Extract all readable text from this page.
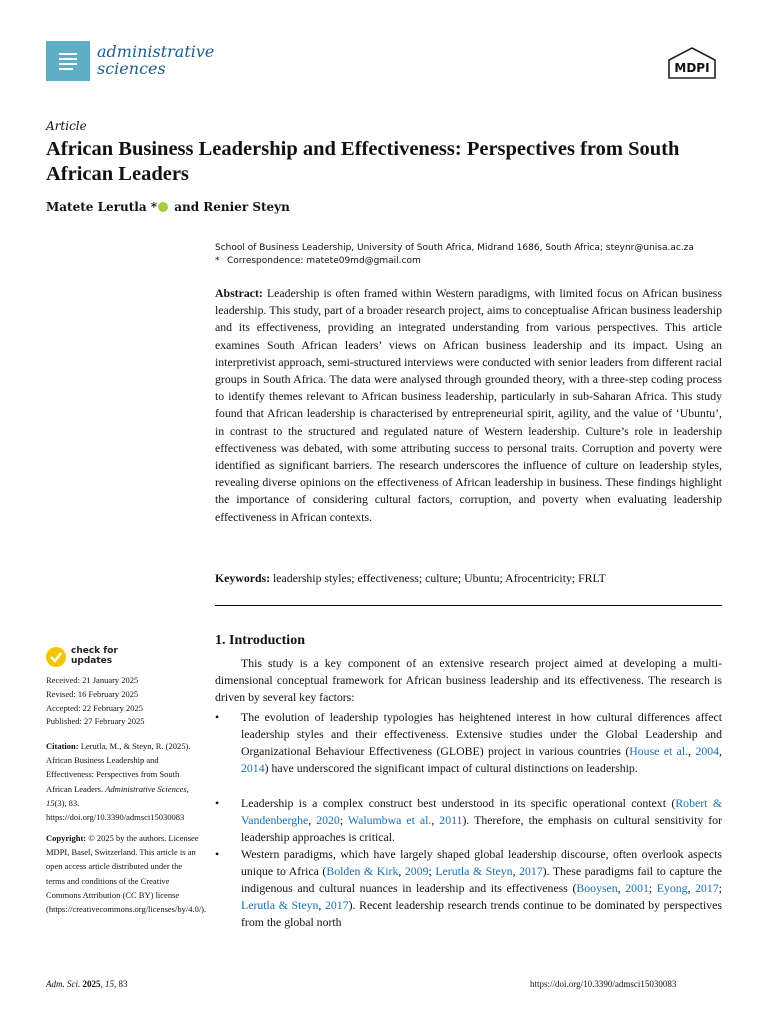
administrative
sciences	MDPI
Article
African Business Leadership and Effectiveness: Perspectives from South African Leaders
Matete Lerutla * and Renier Steyn
School of Business Leadership, University of South Africa, Midrand 1686, South Africa; steynr@unisa.ac.za
* Correspondence: matete09md@gmail.com

Abstract: Leadership is often framed within Western paradigms, with limited focus on African business leadership. This study, part of a broader research project, aims to conceptualise African business leadership and its effectiveness, providing an integrated understanding from various perspectives. This article examines South African leaders’ views on African business leadership and its impact. Using an interpretivist approach, semi-structured interviews were conducted with senior leaders from different racial groups in South Africa. The data were analysed through grounded theory, with a three-step coding process to identify themes relevant to African business leadership, particularly in sub-Saharan Africa. This study found that African leadership is characterised by entrepreneurial spirit, agility, and the value of ‘Ubuntu’, in contrast to the structured and regulated nature of Western leadership. Culture’s role in leadership effectiveness was debated, with some attributing success to personal traits. Corruption and poverty were identified as significant barriers. The research underscores the influence of culture on leadership styles, revealing diverse opinions on the effectiveness of African leadership in business. These findings highlight the importance of considering cultural factors, corruption, and poverty when evaluating leadership effectiveness in African contexts.

Keywords: leadership styles; effectiveness; culture; Ubuntu; Afrocentricity; FRLT
check for
updates
Received: 21 January 2025
Revised: 16 February 2025
Accepted: 22 February 2025
Published: 27 February 2025
Citation: Lerutla, M., & Steyn, R. (2025). African Business Leadership and Effectiveness: Perspectives from South African Leaders. Administrative Sciences, 15(3), 83. https://doi.org/10.3390/admsci15030083
Copyright: © 2025 by the authors. Licensee MDPI, Basel, Switzerland. This article is an open access article distributed under the terms and conditions of the Creative Commons Attribution (CC BY) license (https://creativecommons.org/licenses/by/4.0/).
1. Introduction

This study is a key component of an extensive research project aimed at developing a multi-dimensional conceptual framework for African business leadership and its effectiveness. The research is driven by several key factors:

• The evolution of leadership typologies has heightened interest in how cultural differences affect leadership styles and their effectiveness. Extensive studies under the Global Leadership and Organizational Behaviour Effectiveness (GLOBE) project in various countries (House et al., 2004, 2014) have underscored the significant impact of cultural distinctions on leadership.
• Leadership is a complex construct best understood in its specific operational context (Robert & Vandenberghe, 2020; Walumbwa et al., 2011). Therefore, the emphasis on cultural sensitivity for leadership approaches is critical.
• Western paradigms, which have largely shaped global leadership discourse, often overlook aspects unique to Africa (Bolden & Kirk, 2009; Lerutla & Steyn, 2017). These paradigms fail to capture the indigenous and cultural nuances in leadership and its effectiveness (Booysen, 2001; Eyong, 2017; Lerutla & Steyn, 2017). Recent leadership research trends continue to be dominated by perspectives from the global north
Adm. Sci. 2025, 15, 83	https://doi.org/10.3390/admsci15030083
